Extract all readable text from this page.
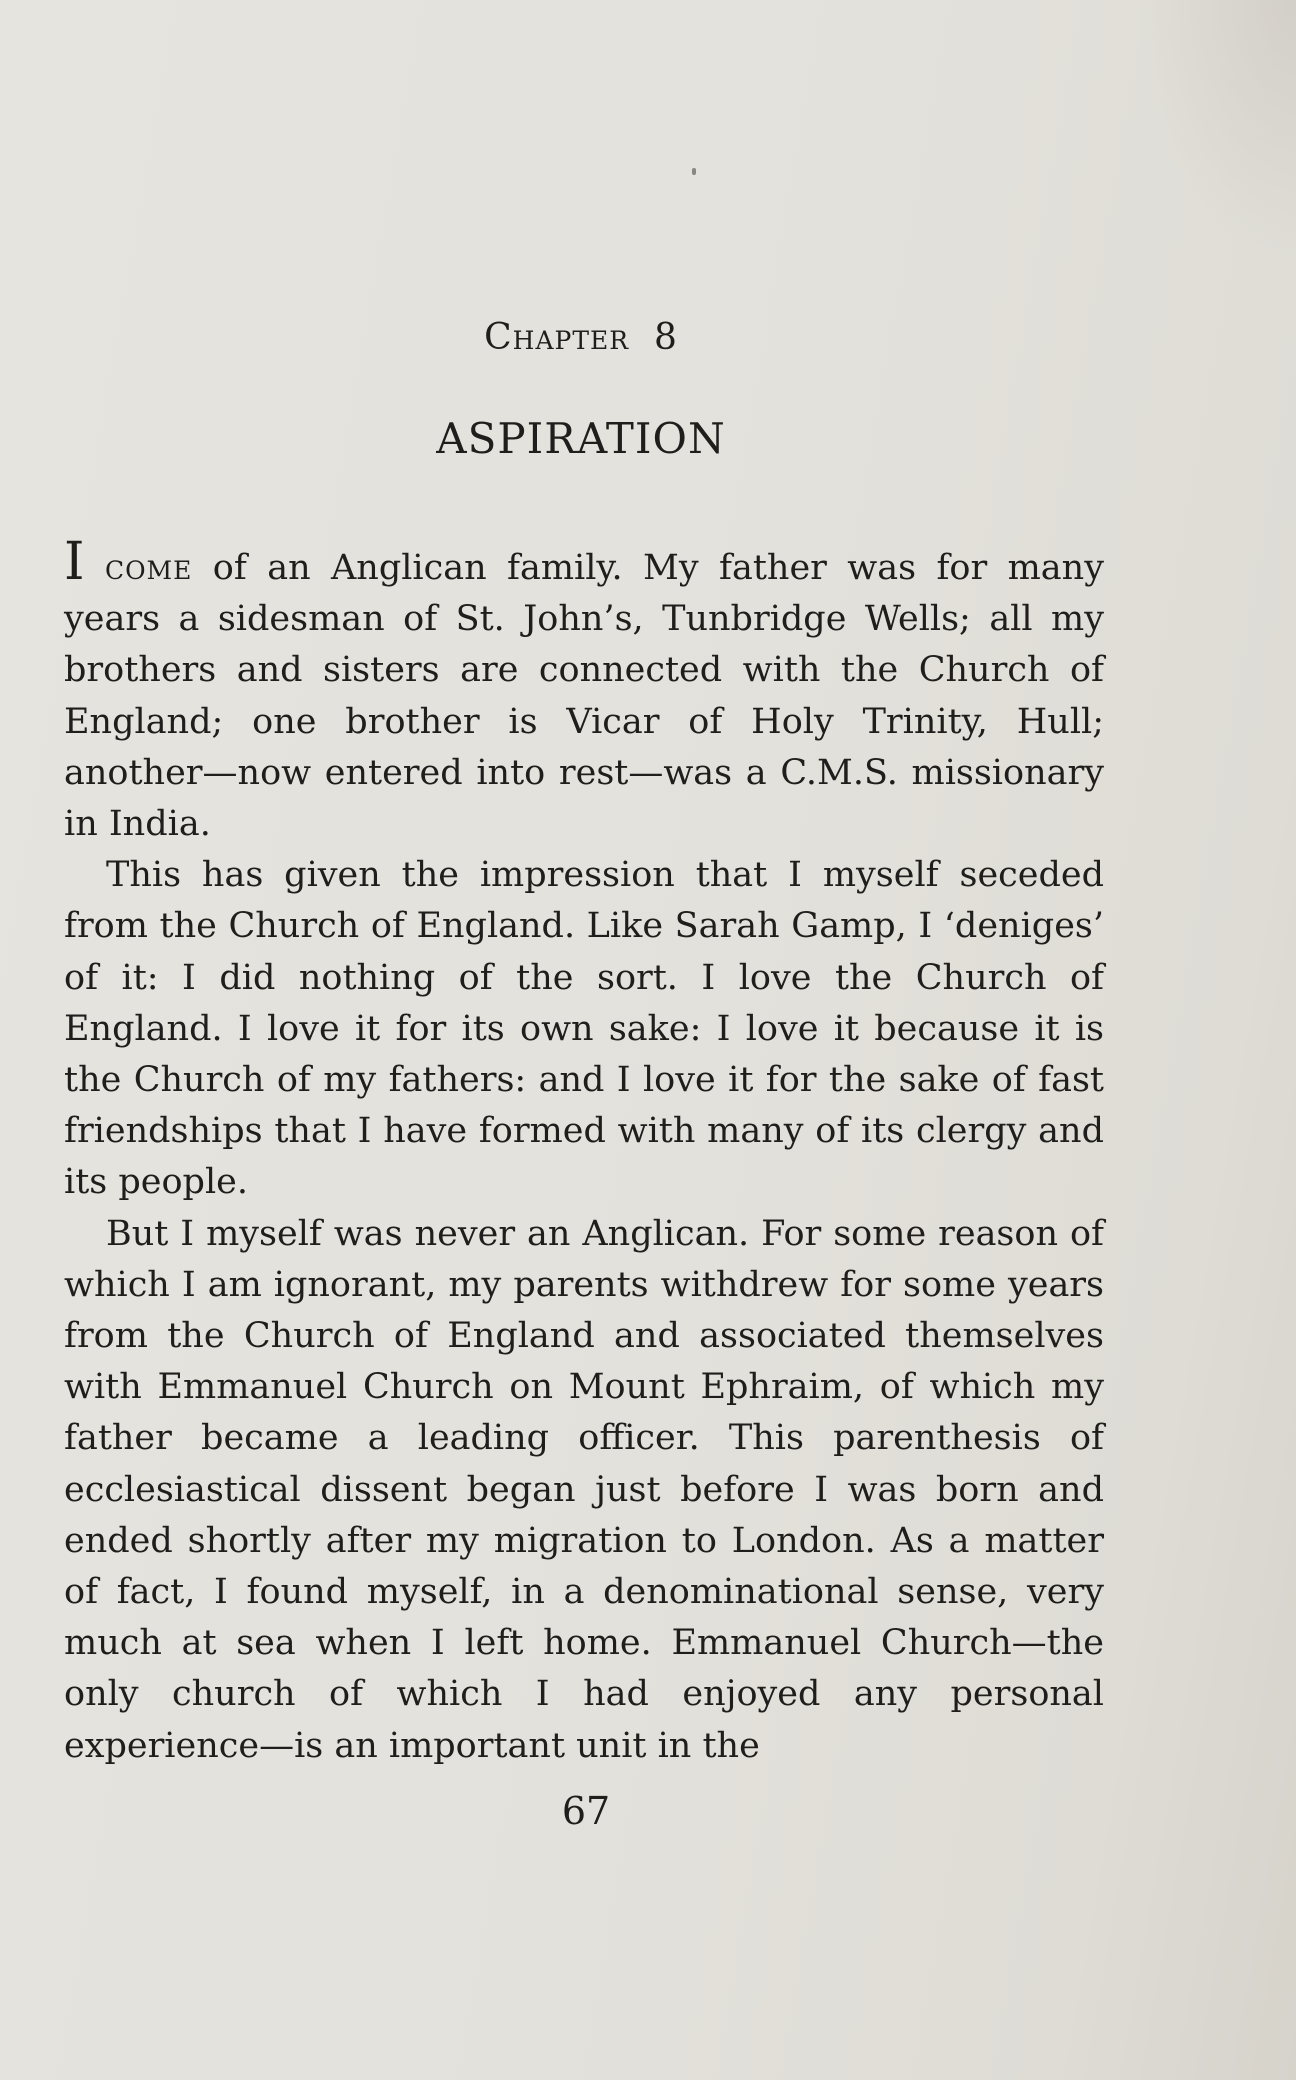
Chapter 8
ASPIRATION

I come of an Anglican family. My father was for many years a sidesman of St. John’s, Tunbridge Wells; all my brothers and sisters are connected with the Church of England; one brother is Vicar of Holy Trinity, Hull; another—now entered into rest—was a C.M.S. missionary in India.

This has given the impression that I myself seceded from the Church of England. Like Sarah Gamp, I ‘deniges’ of it: I did nothing of the sort. I love the Church of England. I love it for its own sake: I love it because it is the Church of my fathers: and I love it for the sake of fast friendships that I have formed with many of its clergy and its people.

But I myself was never an Anglican. For some reason of which I am ignorant, my parents withdrew for some years from the Church of England and associated themselves with Emmanuel Church on Mount Ephraim, of which my father became a leading officer. This parenthesis of ecclesiastical dissent began just before I was born and ended shortly after my migration to London. As a matter of fact, I found myself, in a denominational sense, very much at sea when I left home. Emmanuel Church—the only church of which I had enjoyed any personal experience—is an important unit in the

67
